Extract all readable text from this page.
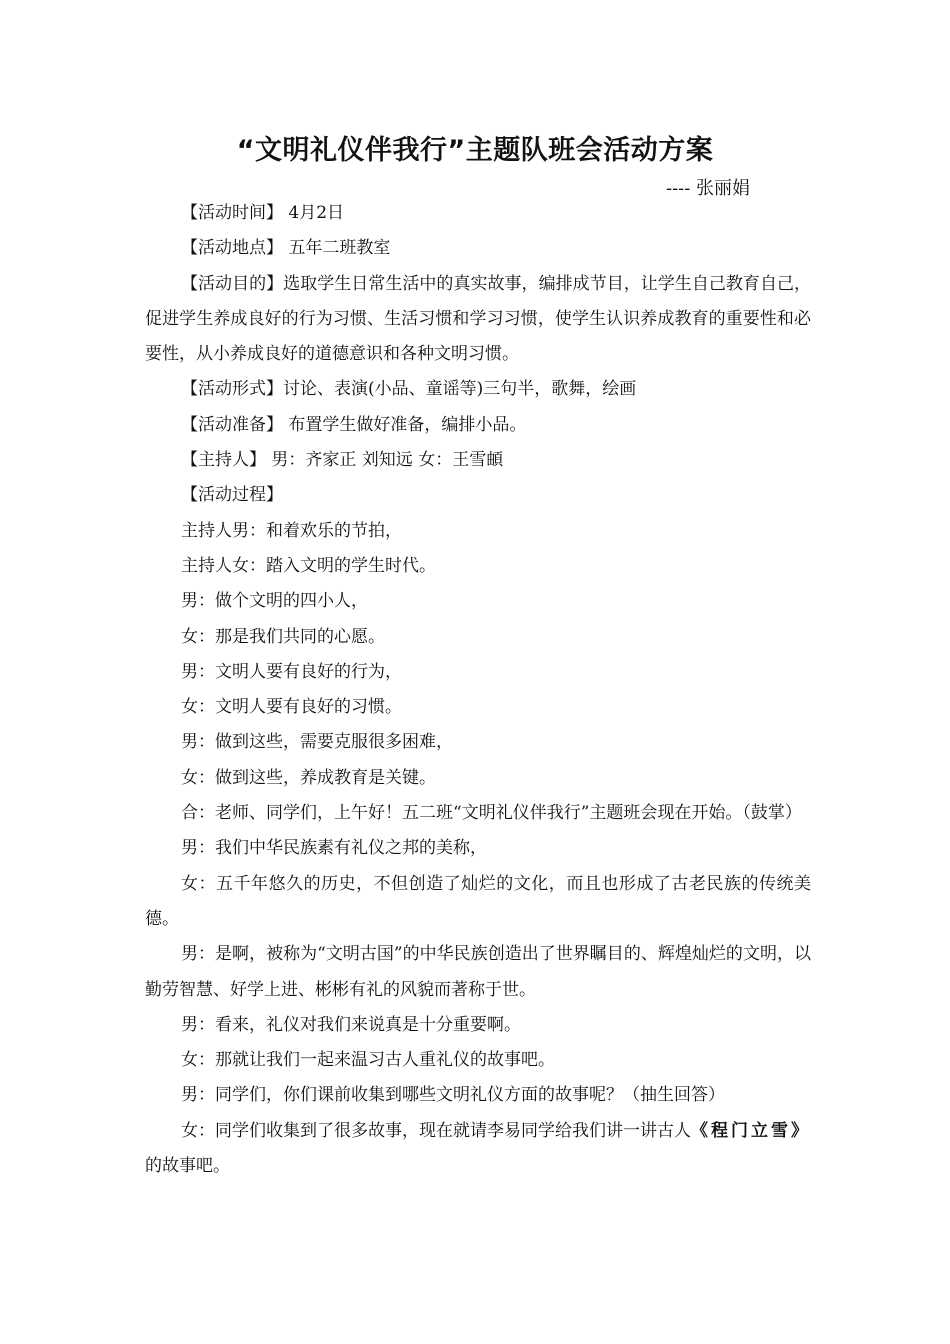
“文明礼仪伴我行”主题队班会活动方案
---- 张丽娟

【活动时间】 4月2日

【活动地点】 五年二班教室

【活动目的】选取学生日常生活中的真实故事，编排成节目，让学生自己教育自己，促进学生养成良好的行为习惯、生活习惯和学习习惯，使学生认识养成教育的重要性和必要性，从小养成良好的道德意识和各种文明习惯。

【活动形式】讨论、表演(小品、童谣等)三句半，歌舞，绘画

【活动准备】 布置学生做好准备，编排小品。

【主持人】 男：齐家正 刘知远 女：王雪頔

【活动过程】

主持人男：和着欢乐的节拍，

主持人女：踏入文明的学生时代。

男：做个文明的四小人，

女：那是我们共同的心愿。

男：文明人要有良好的行为，

女：文明人要有良好的习惯。

男：做到这些，需要克服很多困难，

女：做到这些，养成教育是关键。

合：老师、同学们，上午好！五二班“文明礼仪伴我行”主题班会现在开始。（鼓掌）

男：我们中华民族素有礼仪之邦的美称，

女：五千年悠久的历史，不但创造了灿烂的文化，而且也形成了古老民族的传统美德。

男：是啊，被称为“文明古国”的中华民族创造出了世界瞩目的、辉煌灿烂的文明，以勤劳智慧、好学上进、彬彬有礼的风貌而著称于世。

男：看来，礼仪对我们来说真是十分重要啊。

女：那就让我们一起来温习古人重礼仪的故事吧。

男：同学们，你们课前收集到哪些文明礼仪方面的故事呢？（抽生回答）

女：同学们收集到了很多故事，现在就请李易同学给我们讲一讲古人《程门立雪》的故事吧。
